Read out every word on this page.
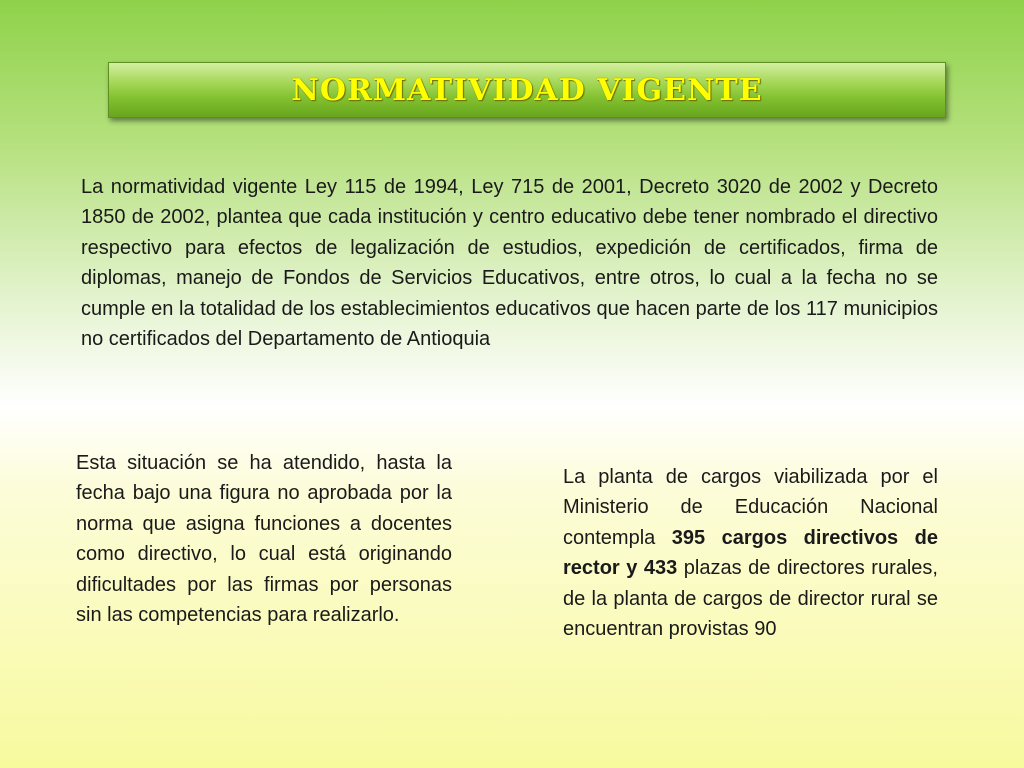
NORMATIVIDAD VIGENTE
La normatividad vigente Ley 115 de 1994, Ley 715 de 2001, Decreto 3020 de 2002 y Decreto 1850 de 2002, plantea que cada institución y centro educativo debe tener nombrado el directivo respectivo para efectos de legalización de estudios, expedición de certificados, firma de diplomas, manejo de Fondos de Servicios Educativos, entre otros, lo cual a la fecha no se cumple en la totalidad de los establecimientos educativos que hacen parte de los 117 municipios no certificados del Departamento de Antioquia
Esta situación se ha atendido, hasta la fecha bajo una figura no aprobada por la norma que asigna funciones a docentes como directivo, lo cual está originando dificultades por las firmas por personas sin las competencias para realizarlo.
La planta de cargos viabilizada por el Ministerio de Educación Nacional contempla 395 cargos directivos de rector y 433 plazas de directores rurales, de la planta de cargos de director rural se encuentran provistas 90
